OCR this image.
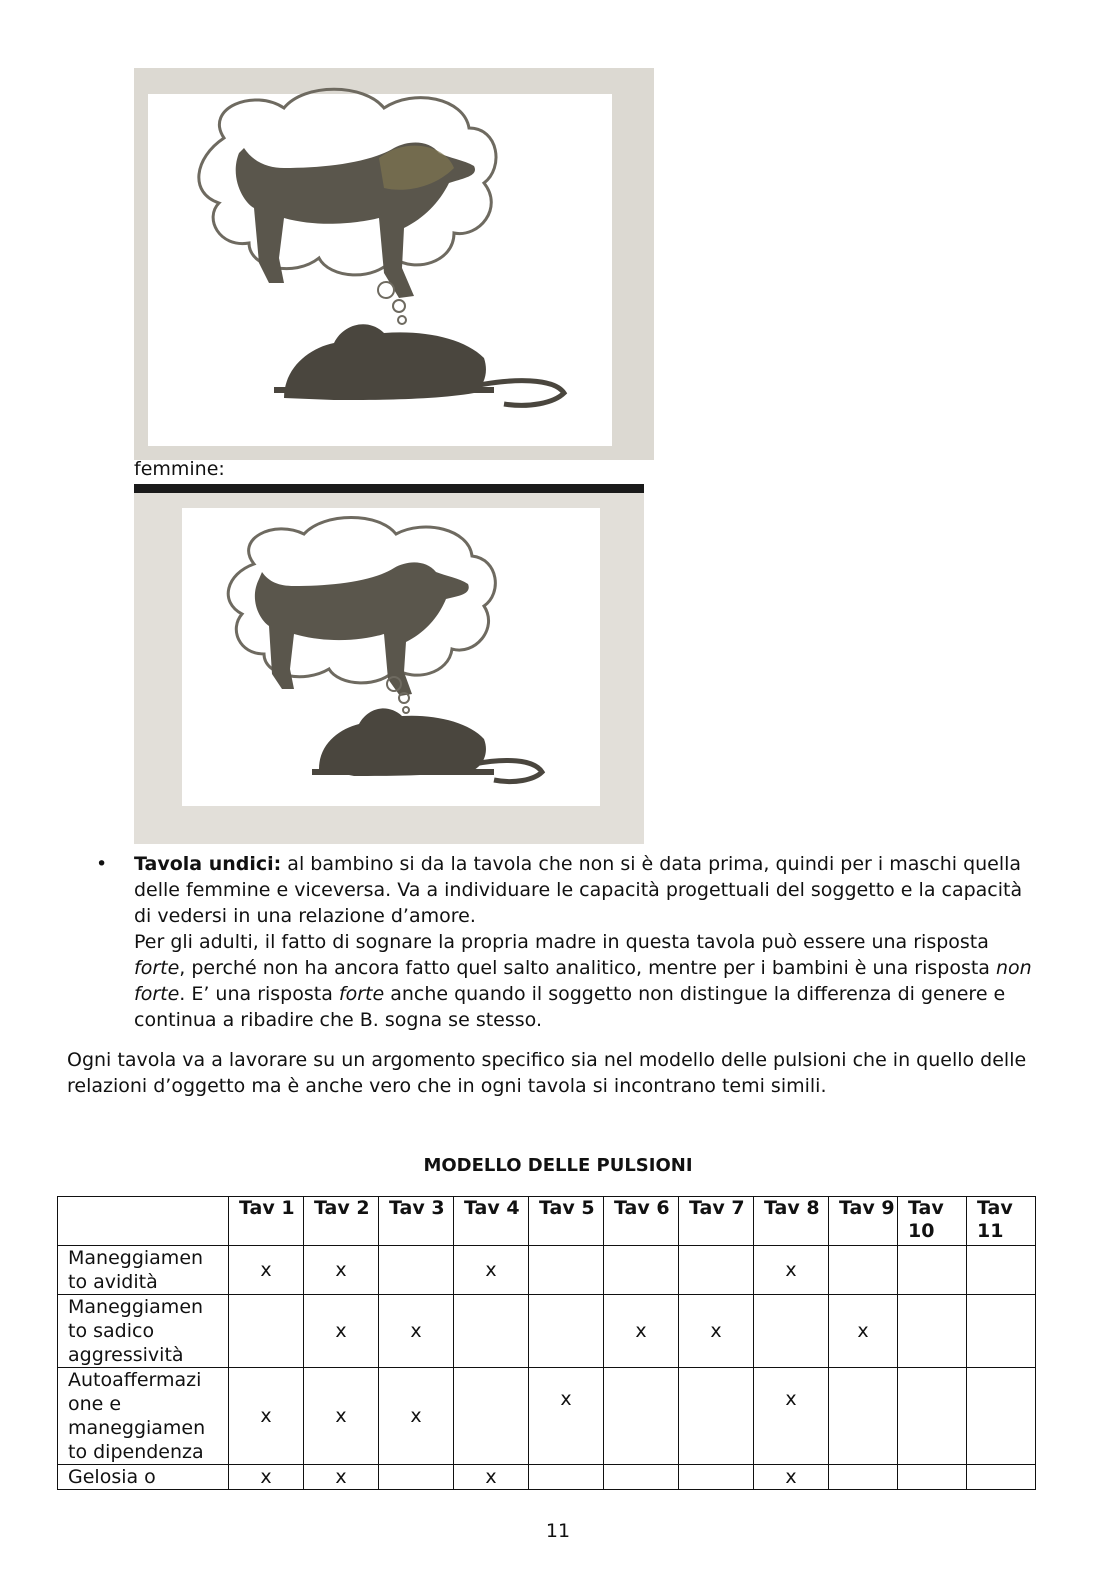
femmine:
• Tavola undici: al bambino si da la tavola che non si è data prima, quindi per i maschi quella delle femmine e viceversa. Va a individuare le capacità progettuali del soggetto e la capacità di vedersi in una relazione d’amore.

Per gli adulti, il fatto di sognare la propria madre in questa tavola può essere una risposta forte, perché non ha ancora fatto quel salto analitico, mentre per i bambini è una risposta non forte. E’ una risposta forte anche quando il soggetto non distingue la differenza di genere e continua a ribadire che B. sogna se stesso.

Ogni tavola va a lavorare su un argomento specifico sia nel modello delle pulsioni che in quello delle relazioni d’oggetto ma è anche vero che in ogni tavola si incontrano temi simili.

MODELLO DELLE PULSIONI
	Tav 1	Tav 2	Tav 3	Tav 4	Tav 5	Tav 6	Tav 7	Tav 8	Tav 9	Tav 10	Tav 11
Maneggiamen to avidità	x	x		x				x			
Maneggiamen to sadico aggressività		x	x			x	x		x		
Autoaffermazi one e maneggiamen to dipendenza	x	x	x		x			x			
Gelosia o	x	x		x				x			
11
